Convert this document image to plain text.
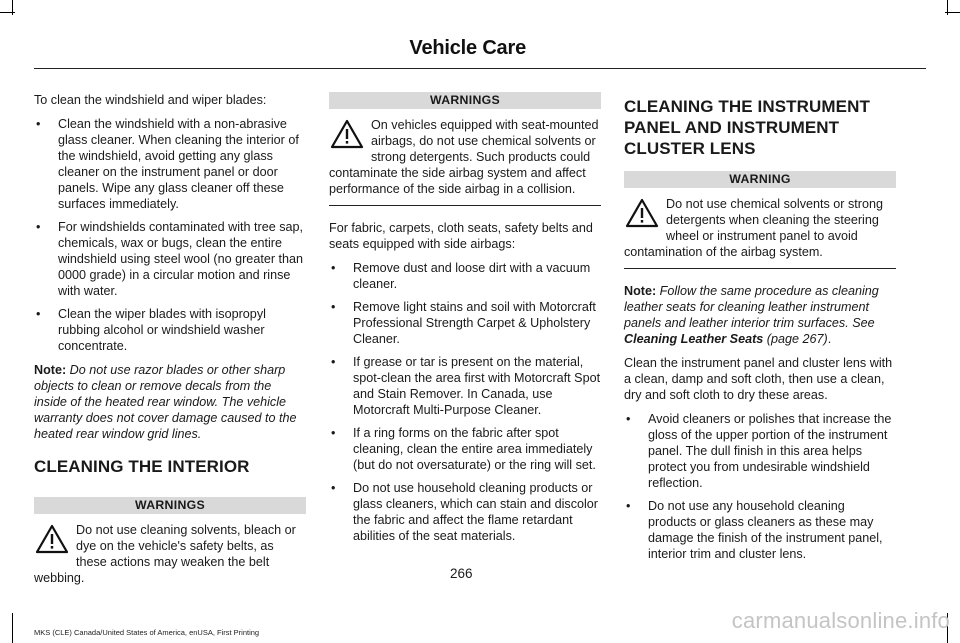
Vehicle Care

To clean the windshield and wiper blades:

• Clean the windshield with a non-abrasive glass cleaner. When cleaning the interior of the windshield, avoid getting any glass cleaner on the instrument panel or door panels. Wipe any glass cleaner off these surfaces immediately.
• For windshields contaminated with tree sap, chemicals, wax or bugs, clean the entire windshield using steel wool (no greater than 0000 grade) in a circular motion and rinse with water.
• Clean the wiper blades with isopropyl rubbing alcohol or windshield washer concentrate.

Note: Do not use razor blades or other sharp objects to clean or remove decals from the inside of the heated rear window. The vehicle warranty does not cover damage caused to the heated rear window grid lines.

CLEANING THE INTERIOR
WARNINGS
Do not use cleaning solvents, bleach or dye on the vehicle's safety belts, as these actions may weaken the belt webbing.
WARNINGS
On vehicles equipped with seat-mounted airbags, do not use chemical solvents or strong detergents. Such products could contaminate the side airbag system and affect performance of the side airbag in a collision.

For fabric, carpets, cloth seats, safety belts and seats equipped with side airbags:

• Remove dust and loose dirt with a vacuum cleaner.
• Remove light stains and soil with Motorcraft Professional Strength Carpet & Upholstery Cleaner.
• If grease or tar is present on the material, spot-clean the area first with Motorcraft Spot and Stain Remover. In Canada, use Motorcraft Multi-Purpose Cleaner.
• If a ring forms on the fabric after spot cleaning, clean the entire area immediately (but do not oversaturate) or the ring will set.
• Do not use household cleaning products or glass cleaners, which can stain and discolor the fabric and affect the flame retardant abilities of the seat materials.
CLEANING THE INSTRUMENT PANEL AND INSTRUMENT CLUSTER LENS
WARNING
Do not use chemical solvents or strong detergents when cleaning the steering wheel or instrument panel to avoid contamination of the airbag system.

Note: Follow the same procedure as cleaning leather seats for cleaning leather instrument panels and leather interior trim surfaces. See Cleaning Leather Seats (page 267).

Clean the instrument panel and cluster lens with a clean, damp and soft cloth, then use a clean, dry and soft cloth to dry these areas.

• Avoid cleaners or polishes that increase the gloss of the upper portion of the instrument panel. The dull finish in this area helps protect you from undesirable windshield reflection.
• Do not use any household cleaning products or glass cleaners as these may damage the finish of the instrument panel, interior trim and cluster lens.
266
MKS (CLE) Canada/United States of America, enUSA, First Printing	carmanualsonline.info
